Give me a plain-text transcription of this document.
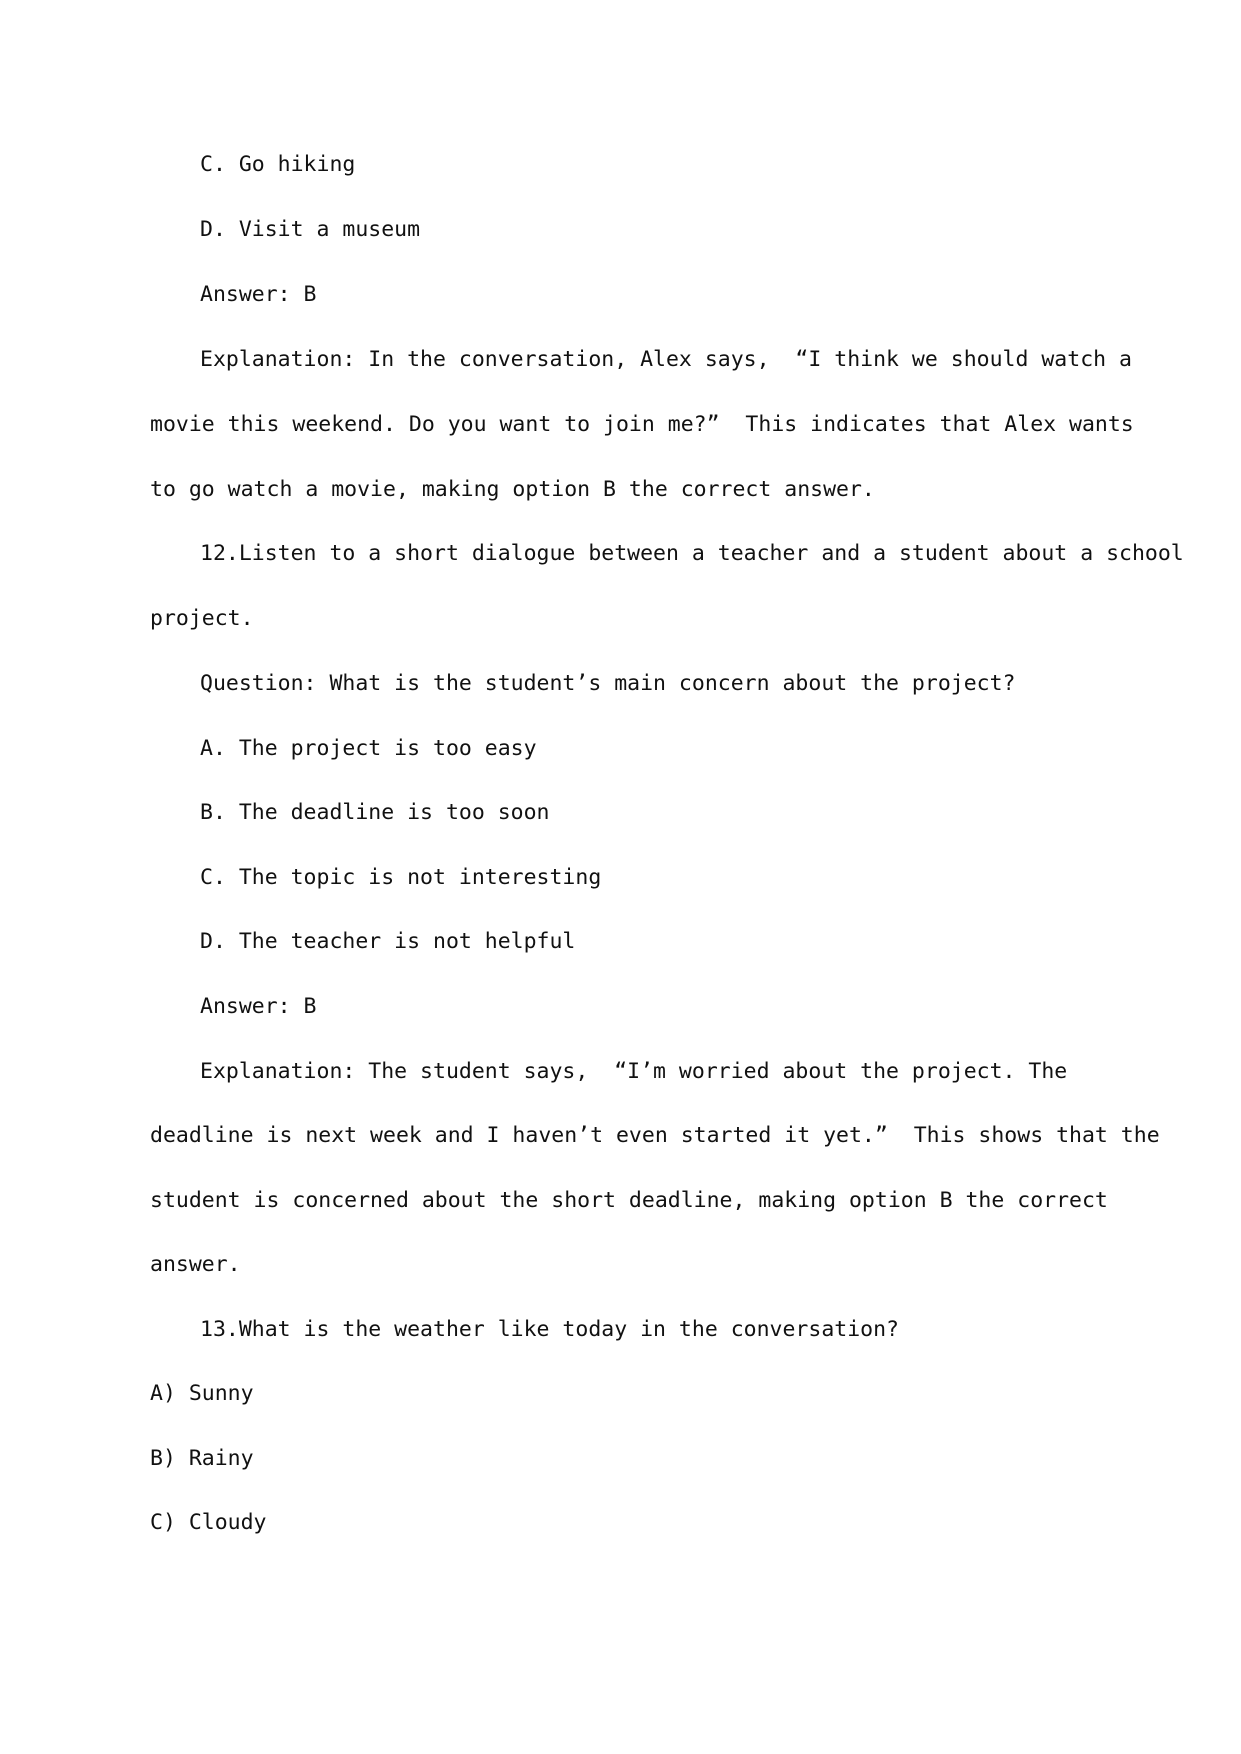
C. Go hiking
D. Visit a museum
Answer: B
Explanation: In the conversation, Alex says,  “I think we should watch a
movie this weekend. Do you want to join me?”  This indicates that Alex wants
to go watch a movie, making option B the correct answer.
12.Listen to a short dialogue between a teacher and a student about a school
project.
Question: What is the student’s main concern about the project?
A. The project is too easy
B. The deadline is too soon
C. The topic is not interesting
D. The teacher is not helpful
Answer: B
Explanation: The student says,  “I’m worried about the project. The
deadline is next week and I haven’t even started it yet.”  This shows that the
student is concerned about the short deadline, making option B the correct
answer.
13.What is the weather like today in the conversation?
A) Sunny
B) Rainy
C) Cloudy
